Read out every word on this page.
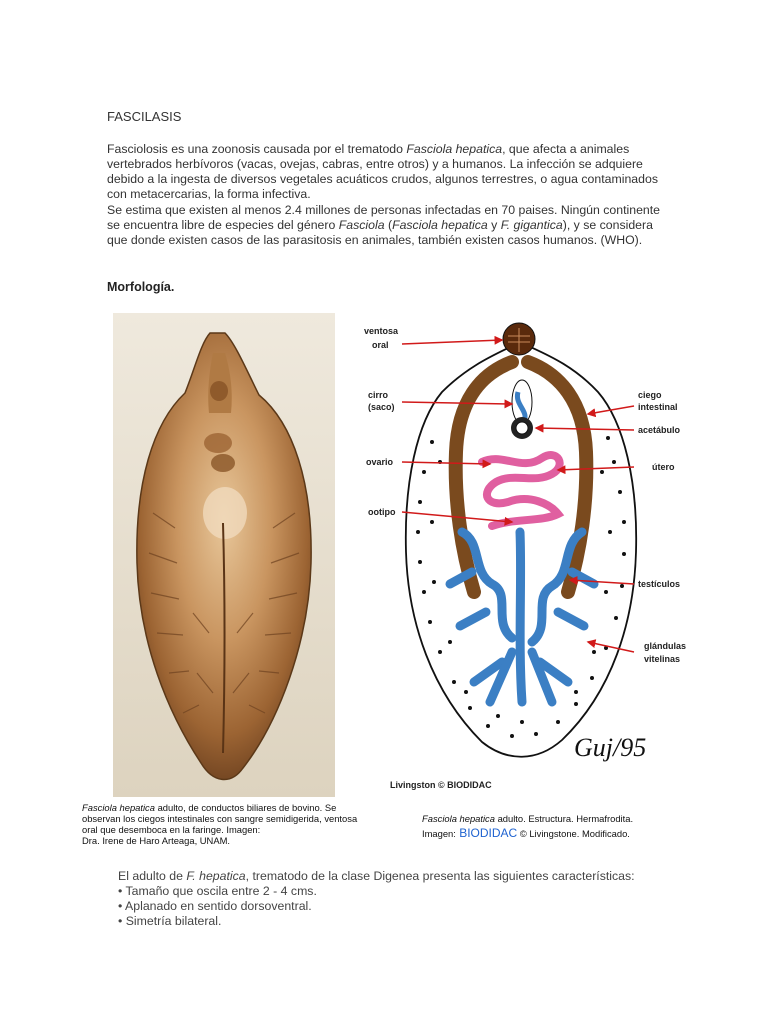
FASCILASIS
Fasciolosis es una zoonosis causada por el trematodo Fasciola hepatica, que afecta a animales vertebrados herbívoros (vacas, ovejas, cabras, entre otros) y a humanos. La infección se adquiere debido a la ingesta de diversos vegetales acuáticos crudos, algunos terrestres, o agua contaminados con metacercarias, la forma infectiva.
Se estima que existen al menos 2.4 millones de personas infectadas en 70 paises. Ningún continente se encuentra libre de especies del género Fasciola (Fasciola hepatica y F. gigantica), y se considera que donde existen casos de las parasitosis en animales, también existen casos humanos. (WHO).
Morfología.
ventosa
oral
cirro
(saco)
ovario
ootipo
ciego
intestinal
acetábulo
útero
testículos
glándulas
vitelinas
Guj/95
Livingston © BIODIDAC
Fasciola hepatica adulto, de conductos biliares de bovino. Se observan los ciegos intestinales con sangre semidigerida, ventosa oral que desemboca en la faringe. Imagen:
Dra. Irene de Haro Arteaga, UNAM.
Fasciola hepatica adulto. Estructura. Hermafrodita.
Imagen: BIODIDAC © Livingstone. Modificado.
El adulto de F. hepatica, trematodo de la clase Digenea presenta las siguientes características:
• Tamaño que oscila entre 2 - 4 cms.
• Aplanado en sentido dorsoventral.
• Simetría bilateral.
